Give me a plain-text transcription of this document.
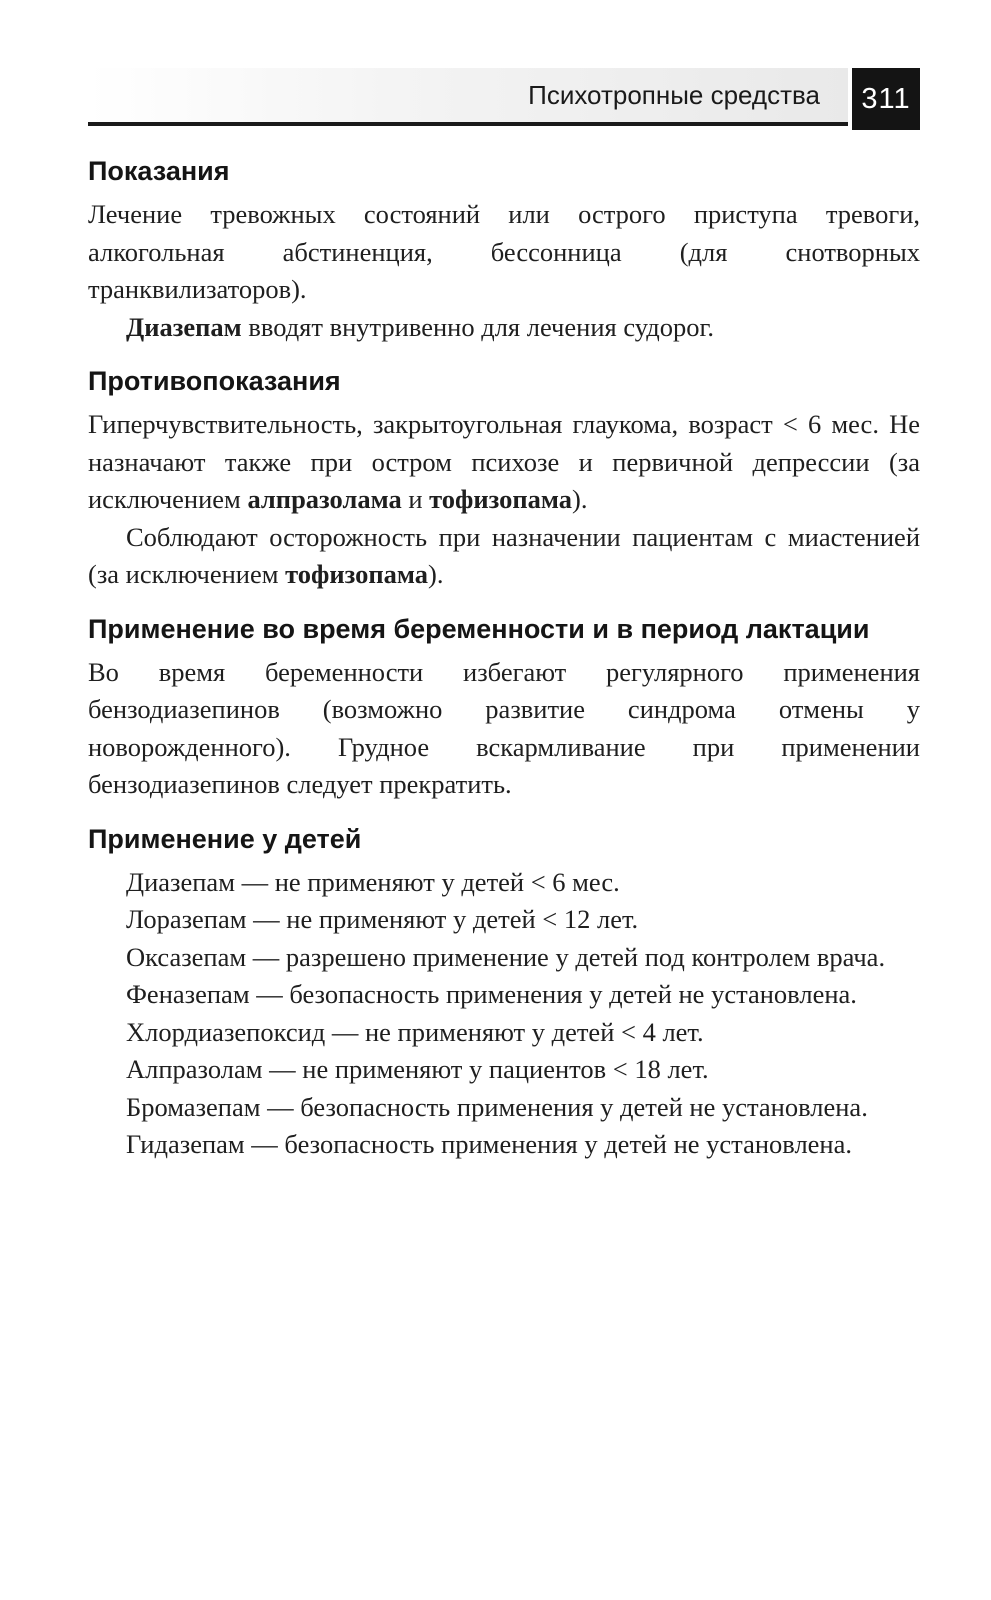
Психотропные средства	311
Показания

Лечение тревожных состояний или острого приступа тревоги, алкогольная абстиненция, бессонница (для снотворных транквилизаторов).

Диазепам вводят внутривенно для лечения судорог.

Противопоказания

Гиперчувствительность, закрытоугольная глаукома, возраст < 6 мес. Не назначают также при остром психозе и первичной депрессии (за исключением алпразолама и тофизопама).

Соблюдают осторожность при назначении пациентам с миастенией (за исключением тофизопама).

Применение во время беременности и в период лактации

Во время беременности избегают регулярного применения бензодиазепинов (возможно развитие синдрома отмены у новорожденного). Грудное вскармливание при применении бензодиазепинов следует прекратить.

Применение у детей

Диазепам — не применяют у детей < 6 мес.

Лоразепам — не применяют у детей < 12 лет.

Оксазепам — разрешено применение у детей под контролем врача.

Феназепам — безопасность применения у детей не установлена.

Хлордиазепоксид — не применяют у детей < 4 лет.

Алпразолам — не применяют у пациентов < 18 лет.

Бромазепам — безопасность применения у детей не установлена.

Гидазепам — безопасность применения у детей не установлена.
